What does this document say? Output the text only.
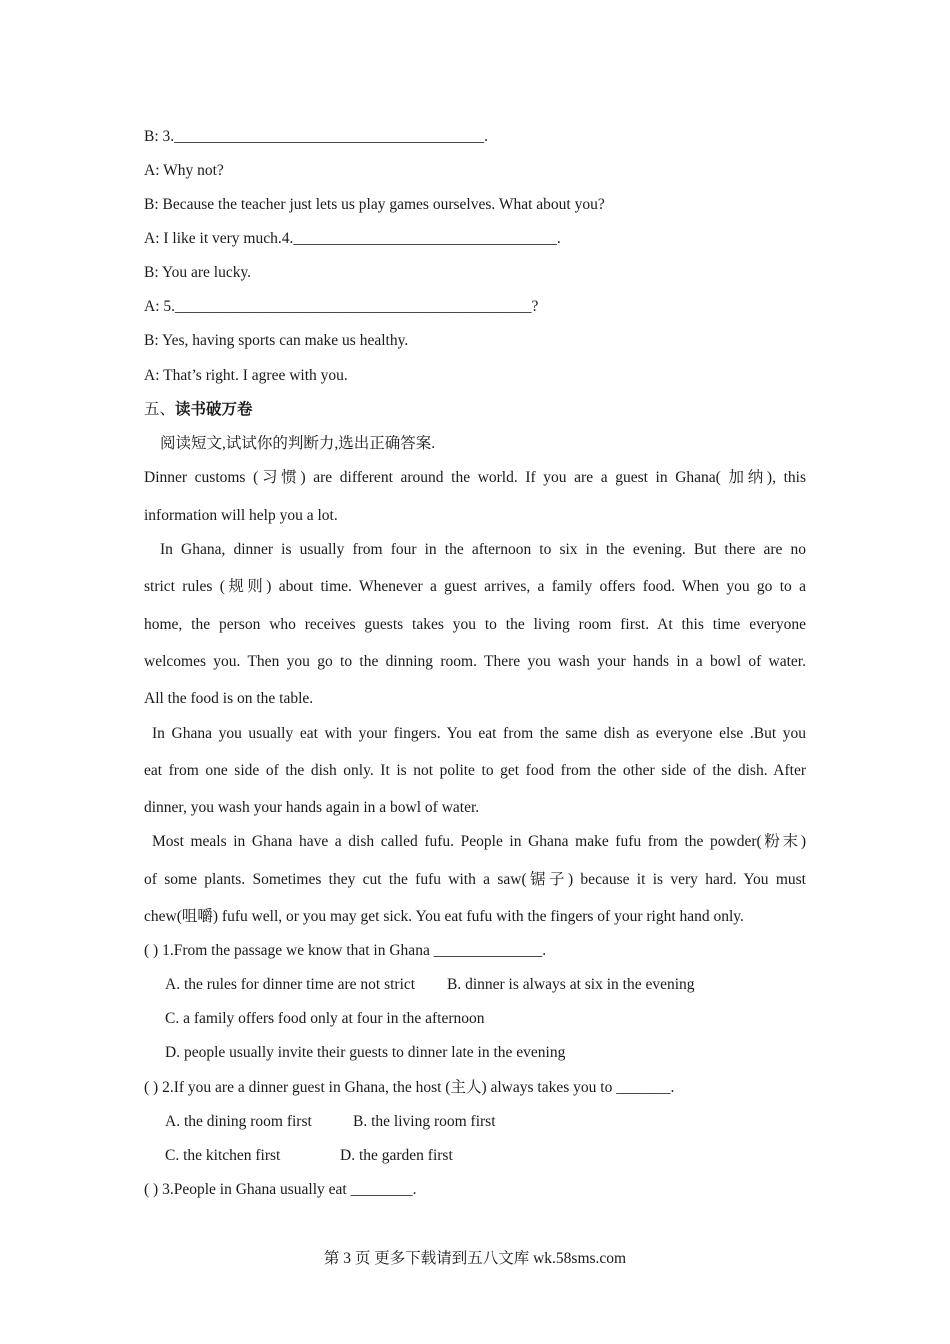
B: 3.________________________________________.
A: Why not?
B: Because the teacher just lets us play games ourselves. What about you?
A: I like it very much.4.__________________________________.
B: You are lucky.
A: 5.______________________________________________?
B: Yes, having sports can make us healthy.
A: That’s right. I agree with you.
五、读书破万卷
阅读短文,试试你的判断力,选出正确答案.
Dinner customs (习惯) are different around the world. If you are a guest in Ghana( 加纳), this
information will help you a lot.
In Ghana, dinner is usually from four in the afternoon to six in the evening. But there are no
strict rules (规则) about time. Whenever a guest arrives, a family offers food. When you go to a
home, the person who receives guests takes you to the living room first. At this time everyone
welcomes you. Then you go to the dinning room. There you wash your hands in a bowl of water.
All the food is on the table.
In Ghana you usually eat with your fingers. You eat from the same dish as everyone else .But you
eat from one side of the dish only. It is not polite to get food from the other side of the dish. After
dinner, you wash your hands again in a bowl of water.
Most meals in Ghana have a dish called fufu. People in Ghana make fufu from the powder(粉末)
of some plants. Sometimes they cut the fufu with a saw(锯子) because it is very hard. You must
chew(咀嚼) fufu well, or you may get sick. You eat fufu with the fingers of your right hand only.
( ) 1.From the passage we know that in Ghana ______________.
A. the rules for dinner time are not strict B. dinner is always at six in the evening
C. a family offers food only at four in the afternoon
D. people usually invite their guests to dinner late in the evening
( ) 2.If you are a dinner guest in Ghana, the host (主人) always takes you to _______.
A. the dining room first	B. the living room first
C. the kitchen first	D. the garden first
( ) 3.People in Ghana usually eat ________.
第 3 页 更多下载请到五八文库 wk.58sms.com
